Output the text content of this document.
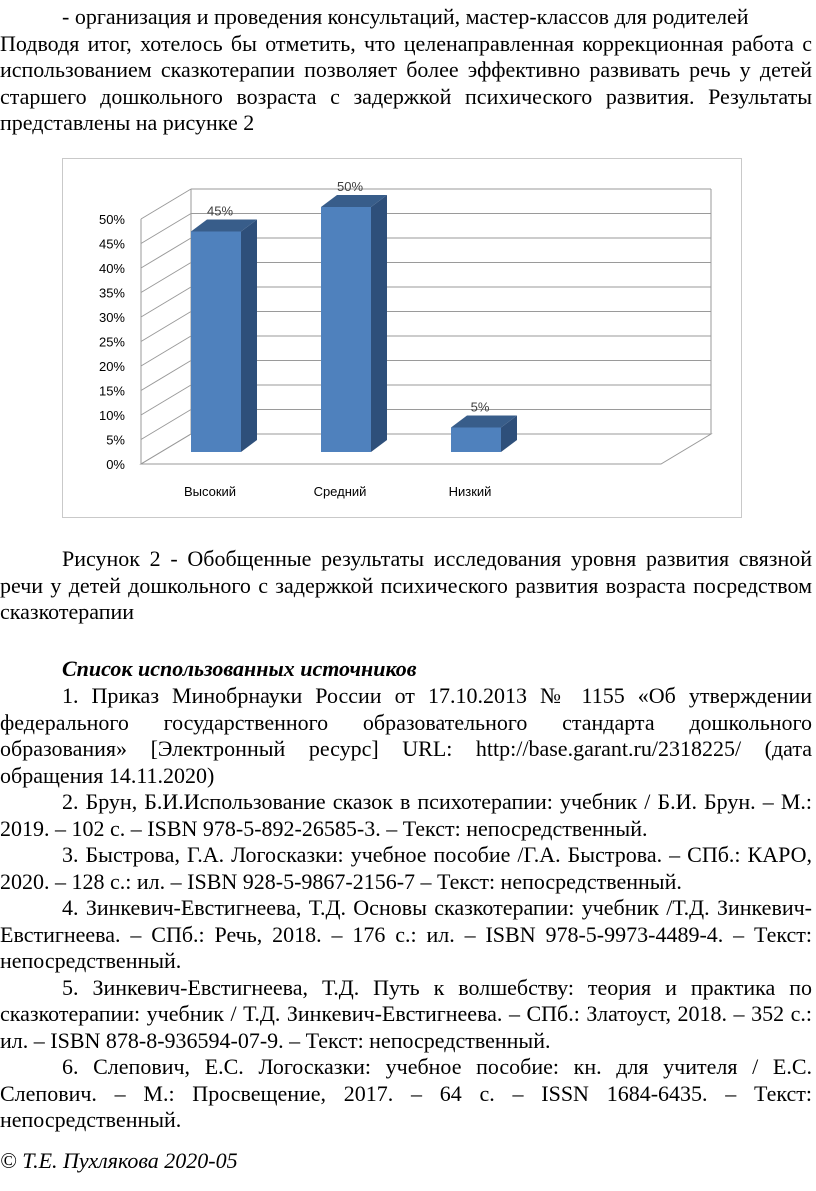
- организация и проведения консультаций, мастер-классов для родителей

Подводя итог, хотелось бы отметить, что целенаправленная коррекционная работа с использованием сказкотерапии позволяет более эффективно развивать речь у детей старшего дошкольного возраста с задержкой психического развития. Результаты представлены на рисунке 2

0%
5%
10%
15%
20%
25%
30%
35%
40%
45%
50%
45%
50%
5%
Высокий	Средний	Низкий
Рисунок 2 - Обобщенные результаты исследования уровня развития связной речи у детей дошкольного с задержкой психического развития возраста посредством сказкотерапии
Список использованных источников

1. Приказ Минобрнауки России от 17.10.2013 № 1155 «Об утверждении федерального государственного образовательного стандарта дошкольного образования» [Электронный ресурс] URL: http://base.garant.ru/2318225/ (дата обращения 14.11.2020)

2. Брун, Б.И.Использование сказок в психотерапии: учебник / Б.И. Брун. – М.: 2019. – 102 с. – ISBN 978-5-892-26585-3. – Текст: непосредственный.

3. Быстрова, Г.А. Логосказки: учебное пособие /Г.А. Быстрова. – СПб.: КАРО, 2020. – 128 с.: ил. – ISBN 928-5-9867-2156-7 – Текст: непосредственный.

4. Зинкевич-Евстигнеева, Т.Д. Основы сказкотерапии: учебник /Т.Д. Зинкевич-Евстигнеева. – СПб.: Речь, 2018. – 176 с.: ил. – ISBN 978-5-9973-4489-4. – Текст: непосредственный.

5. Зинкевич-Евстигнеева, Т.Д. Путь к волшебству: теория и практика по сказкотерапии: учебник / Т.Д. Зинкевич-Евстигнеева. – СПб.: Златоуст, 2018. – 352 с.: ил. – ISBN 878-8-936594-07-9. – Текст: непосредственный.

6. Слепович, Е.С. Логосказки: учебное пособие: кн. для учителя / Е.С. Слепович. – М.: Просвещение, 2017. – 64 с. – ISSN 1684-6435. – Текст: непосредственный.

© Т.Е. Пухлякова 2020-05
